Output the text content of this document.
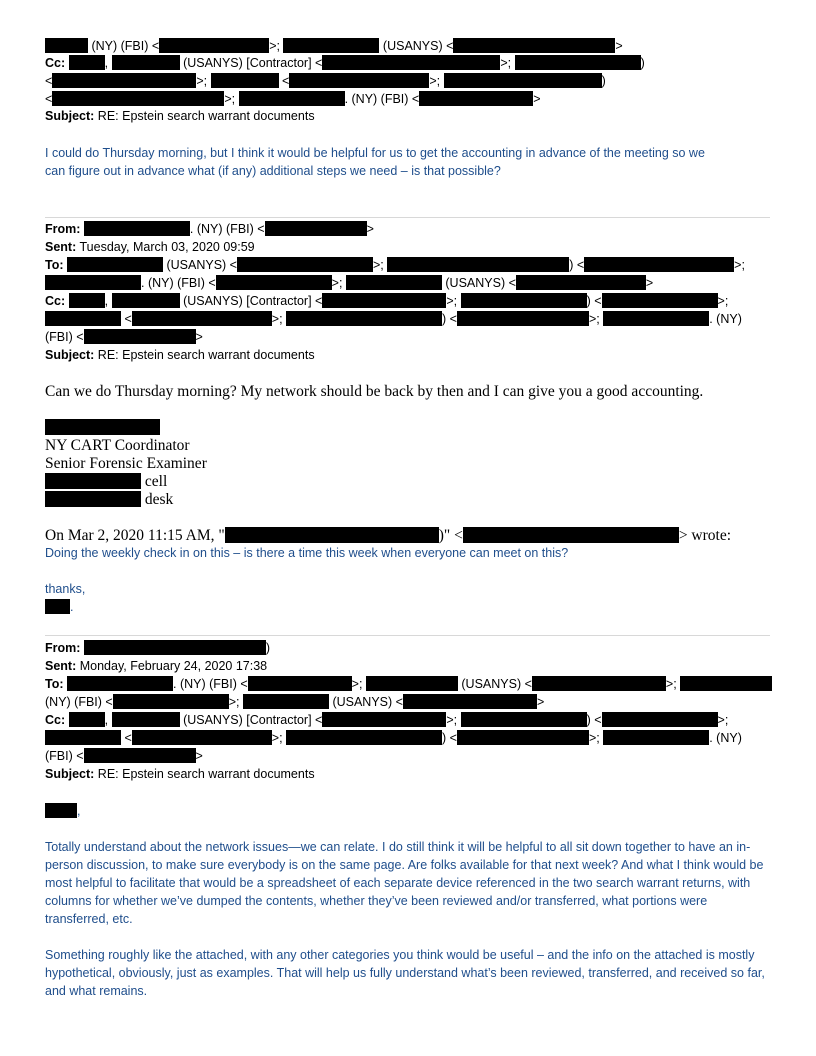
(NY) (FBI) <	>;	(USANYS) <	>
Cc:	,	(USANYS) [Contractor] <	>;	)
<	>;	<	>;	)
<	>;	. (NY) (FBI) <	>
Subject: RE: Epstein search warrant documents
I could do Thursday morning, but I think it would be helpful for us to get the accounting in advance of the meeting so we
can figure out in advance what (if any) additional steps we need – is that possible?
From:	. (NY) (FBI) <	>
Sent: Tuesday, March 03, 2020 09:59
To:	(USANYS) <	>;	) <	>;
. (NY) (FBI) <	>;	(USANYS) <	>
Cc:	,	(USANYS) [Contractor] <	>;	) <	>;
<	>;	) <	>;	. (NY)
(FBI) <	>
Subject: RE: Epstein search warrant documents
Can we do Thursday morning? My network should be back by then and I can give you a good accounting.
NY CART Coordinator
Senior Forensic Examiner
cell
desk
On Mar 2, 2020 11:15 AM, "	)" <	> wrote:
Doing the weekly check in on this – is there a time this week when everyone can meet on this?
thanks,
.
From:	)
Sent: Monday, February 24, 2020 17:38
To:	. (NY) (FBI) <	>;	(USANYS) <	>;
(NY) (FBI) <	>;	(USANYS) <	>
Cc:	,	(USANYS) [Contractor] <	>;	) <	>;
<	>;	) <	>;	. (NY)
(FBI) <	>
Subject: RE: Epstein search warrant documents
,
Totally understand about the network issues—we can relate. I do still think it will be helpful to all sit down together to have an in-person discussion, to make sure everybody is on the same page. Are folks available for that next week? And what I think would be most helpful to facilitate that would be a spreadsheet of each separate device referenced in the two search warrant returns, with columns for whether we’ve dumped the contents, whether they’ve been reviewed and/or transferred, what portions were transferred, etc.
Something roughly like the attached, with any other categories you think would be useful – and the info on the attached is mostly hypothetical, obviously, just as examples. That will help us fully understand what’s been reviewed, transferred, and received so far, and what remains.
